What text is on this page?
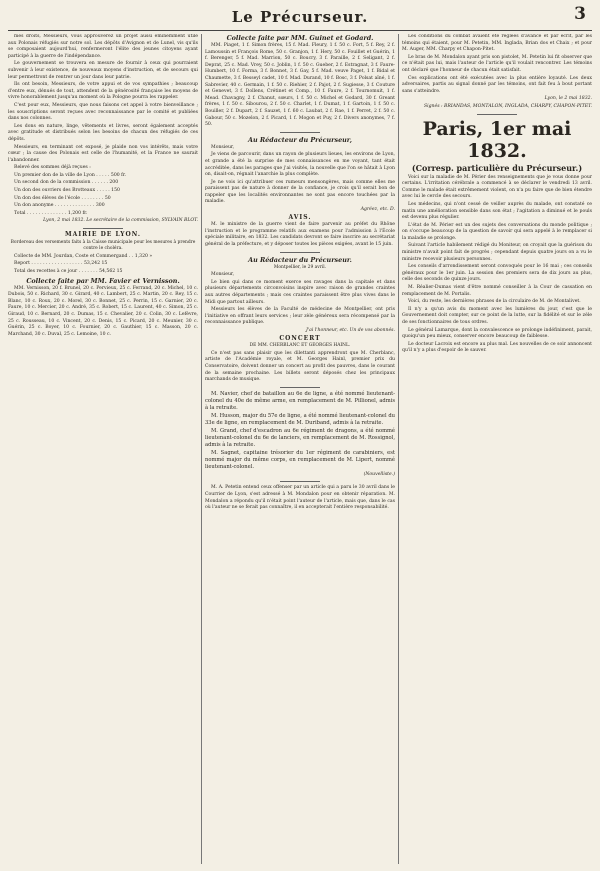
Le Précurseur.	3

mes droits, Messieurs, vous approuverez un projet aussi éminemment utile aux Polonais réfugiés sur notre sol. Les dépôts d'Avignon et de Lunel, vis qu'ils se composaient aujourd'hui, renfermeront l'élite des jeunes citoyens ayant participé à la guerre de l'indépendance.

Le gouvernement se trouvera en mesure de fournir à ceux qui pourraient subvenir à leur existence, de nouveaux moyens d'instruction, et de secours qui leur permettront de rentrer un jour dans leur patrie.

Ils ont besoin, Messieurs, de votre appui et de vos sympathies ; beaucoup d'entre eux, dénués de tout, attendent de la générosité française les moyens de vivre honorablement jusqu'au moment où la Pologne pourra les rappeler.

C'est pour eux, Messieurs, que nous faisons cet appel à votre bienveillance ; les souscriptions seront reçues avec reconnaissance par le comité et publiées dans nos colonnes.

Les dons en nature, linge, vêtements et livres, seront également acceptés avec gratitude et distribués selon les besoins de chacun des réfugiés de ces dépôts.

Messieurs, en terminant cet exposé, je plaide non vos intérêts, mais votre cœur ; la cause des Polonais est celle de l'humanité, et la France ne saurait l'abandonner.

Relevé des sommes déjà reçues :

Un premier don de la ville de Lyon . . . . . 500 fr.

Un second don de la commission . . . . . . 200

Un don des ouvriers des Brotteaux . . . . . 150

Un don des élèves de l'école . . . . . . . . 50

Un don anonyme . . . . . . . . . . . . . . 300

Total . . . . . . . . . . . . . . 1,200 fr.

Lyon, 2 mai 1832. Le secrétaire de la commission, SYLVAIN BLOT.

MAIRIE DE LYON.

Bordereau des versements faits à la Caisse municipale pour les mesures à prendre contre le choléra.

Collecte de MM. Jourdan, Coste et Commergand . . 1,320 »

Report . . . . . . . . . . . . . . . . . . 53,242 15

Total des recettes à ce jour . . . . . . . 54,562 15

Collecte faite par MM. Favier et Vernisson.

MM. Vernisson, 20 f. Brunel, 20 c. Pervieux, 25 c. Ferrand, 20 c. Michel, 10 c. Dubois, 50 c. Richard, 30 c. Girard, 40 c. Lambert, 25 c. Martin, 20 c. Rey, 15 c. Blanc, 10 c. Roux, 20 c. Morel, 30 c. Bonnet, 25 c. Perrin, 15 c. Garnier, 20 c. Faure, 10 c. Mercier, 20 c. André, 35 c. Robert, 15 c. Laurent, 40 c. Simon, 25 c. Giraud, 10 c. Bernard, 20 c. Dumas, 15 c. Chevalier, 20 c. Colin, 30 c. Lefèvre, 25 c. Rousseau, 10 c. Vincent, 20 c. Denis, 15 c. Picard, 20 c. Meunier, 30 c. Guérin, 25 c. Boyer, 10 c. Fournier, 20 c. Gauthier, 15 c. Masson, 20 c. Marchand, 30 c. Duval, 25 c. Lemoine, 10 c.

Collecte faite par MM. Guinet et Godard.

MM. Piaget, 1 f. Simon frères, 15 f. Mad. Fleury, 1 f. 50 c. Fort, 5 f. Rey, 2 f. Lamoussin et François Rome, 50 c. Granjon, 1 f. Hery, 50 c. Fouillet et Guérin, 1 f. Berenger, 5 f. Mad. Marrion, 50 c. Boucry, 3 f. Paraille, 2 f. Seligant, 2 f. Deprat, 25 c. Mad. Vrey, 50 c. Joblin, 1 f. 50 c. Gueber, 2 f. Estragnat, 3 f. Faure-Humbert, 10 f. Forma, 3 f. Bonnet, 3 f. Gay, 5 f. Mad. veuve Paget, 1 f. Bidal et Chaumette, 3 f. Besseyl cadet, 10 f. Mad. Durand, 10 f. Bosc, 3 f. Polsat aîné, 1 f. Sabrevier, 40 c. Germain, 1 f. 50 c. Riehier, 2 f. Pajot, 2 f. Sugiesse, 3 f. Couture et Genevet, 3 f. Dollens, Crétinet et Comp., 10 f. Faure, 2 f. Tournomuit, 1 f. Mead. Chavagny, 2 f. Chanut, sœurs, 1 f. 50 c. Michel et Godard, 30 f. Greant frères, 1 f. 50 c. Sibourou, 2 f. 50 c. Charlet, 1 f. Dumat, 1 f. Gartoin, 1 f. 50 c. Bouiller, 2 f. Dupart, 2 f. Sauzet, 1 f. 60 c. Laubat, 2 f. Rae, 1 f. Perret, 2 f. 50 c. Gabour, 50 c. Mozelon, 2 f. Picard, 1 f. Mogon et Puy, 2 f. Divers anonymes, 7 f. 50.

Au Rédacteur du Précurseur,

Monsieur,

Je viens de parcourir, dans un rayon de plusieurs lieues, les environs de Lyon, et grande a été la surprise de mes connaissances en me voyant, tant était accréditée, dans les parages que j'ai visités, la nouvelle que l'on se hâtait à Lyon on, disait-on, régnait l'anarchie la plus complète.

Je ne vois ici qu'attribuer ces rumeurs mensongères, mais comme elles me paraissent pas de nature à donner de la confiance, je crois qu'il serait bon de rappeler que les localités environnantes ne sont pas encore touchées par la maladie.

Agréez, etc. D.

AVIS.

M. le ministre de la guerre vient de faire parvenir au préfet du Rhône l'instruction et le programme relatifs aux examens pour l'admission à l'École spéciale militaire, en 1832. Les candidats devront se faire inscrire au secrétariat général de la préfecture, et y déposer toutes les pièces exigées, avant le 15 juin.

Au Rédacteur du Précurseur.

Montpellier, le 29 avril.

Monsieur,

Le bien qui dans ce moment exerce ses ravages dans la capitale et dans plusieurs départements circonvoisins inspire avec raison de grandes craintes aux autres départements ; mais ces craintes paraissent être plus vives dans le Midi que partout ailleurs.

Messieurs les élèves de la Faculté de médecine de Montpellier, ont pris l'initiative en offrant leurs services ; leur zèle généreux sera récompensé par la reconnaissance publique.

J'ai l'honneur, etc. Un de vos abonnés.

CONCERT

DE MM. CHERBLANC ET GEORGES HAINL.

Ce n'est pas sans plaisir que les dilettanti apprendront que M. Cherblanc, artiste de l'Académie royale, et M. Georges Hainl, premier prix du Conservatoire, doivent donner un concert au profit des pauvres, dans le courant de la semaine prochaine. Les billets seront déposés chez les principaux marchands de musique.

M. Navier, chef de bataillon au 6e de ligne, a été nommé lieutenant-colonel du 40e de même arme, en remplacement de M. Pillionel, admis à la retraite.

M. Husson, major du 57e de ligne, a été nommé lieutenant-colonel du 33e de ligne, en remplacement de M. Duriband, admis à la retraite.

M. Grand, chef d'escadron au 6e régiment de dragons, a été nommé lieutenant-colonel du 6e de lanciers, en remplacement de M. Rossignol, admis à la retraite.

M. Sagnet, capitaine trésorier du 1er régiment de carabiniers, est nommé major du même corps, en remplacement de M. Lipert, nommé lieutenant-colonel.

(Nouvelliste.)

M. A. Petetin entend ceux offenser par un article qui a paru le 30 avril dans le Courrier de Lyon, s'est adressé à M. Mondalon pour en obtenir réparation. M. Mondalon a répondu qu'il n'était point l'auteur de l'article, mais que, dans le cas où l'auteur ne se ferait pas connaître, il en accepterait l'entière responsabilité.

Les conditions du combat avaient été réglées d'avance et par écrit, par les témoins qui étaient, pour M. Petetin, MM. Inglada, Brian dos et Chaix ; et pour M. Auger, MM. Charpy et Chapon-Pitet.

Le bras de M. Mondalon ayant pris son pistolet, M. Petetin lui fit observer que ce n'était pas lui, mais l'auteur de l'article qu'il voulait rencontrer. Les témoins ont déclaré que l'honneur de chacun était satisfait.

Ces explications ont été exécutées avec la plus entière loyauté. Les deux adversaires, partis au signal donné par les témoins, ont fait feu à bout portant sans s'atteindre.

Lyon, le 2 mai 1832.

Signés : BRIANDAS, MONTALON, INGLADA, CHARPY, CHAPON-PITET.

Paris, 1er mai 1832.

(Corresp. particulière du Précurseur.)

Voici sur la maladie de M. Périer des renseignements que je vous donne pour certains. L'irritation cérébrale a commencé à se déclarer le vendredi 13 avril. Comme le malade était extrêmement violent, on n'a pu faire que de bien étendre avec lui le cercle des secours.

Les médecins, qui n'ont cessé de veiller auprès du malade, ont constaté ce matin une amélioration sensible dans son état ; l'agitation a diminué et le pouls est devenu plus régulier.

L'état de M. Périer est un des sujets des conversations du monde politique ; on s'occupe beaucoup de la question de savoir qui sera appelé à le remplacer si la maladie se prolonge.

Suivant l'article habilement rédigé du Moniteur, on croyait que la guérison du ministre n'avait point fait de progrès ; cependant depuis quatre jours on a vu le ministre recevoir plusieurs personnes.

Les conseils d'arrondissement seront convoqués pour le 16 mai ; ces conseils généraux pour le 1er juin. La session des premiers sera de dix jours au plus, celle des seconds de quinze jours.

M. Réalier-Dumas vient d'être nommé conseiller à la Cour de cassation en remplacement de M. Portalis.

Voici, du reste, les dernières phrases de la circulaire de M. de Montalivet.

Il n'y a qu'un avis du moment avec les lumières du jour, c'est que le Gouvernement doit compter, sur ce point de la lutte, sur la fidélité et sur le zèle de ses fonctionnaires de tous ordres.

Le général Lamarque, dont la convalescence se prolonge indéfiniment, parait, quoiqu'un peu mieux, conserver encore beaucoup de faiblesse.

Le docteur Lacroix est encore au plus mal. Les nouvelles de ce soir annoncent qu'il n'y a plus d'espoir de le sauver.
